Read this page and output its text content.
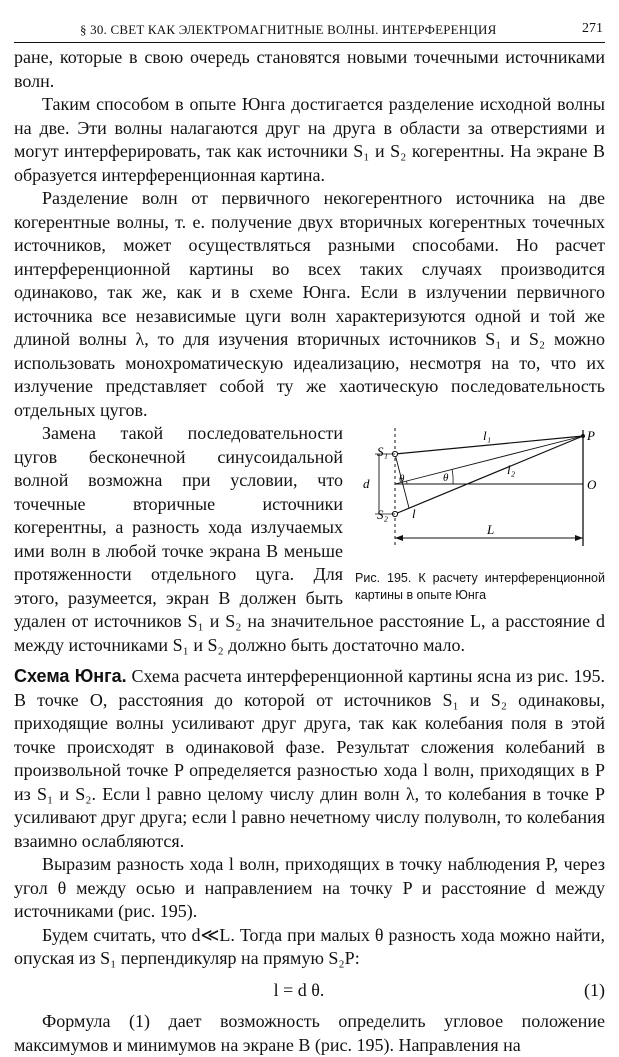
§ 30. СВЕТ КАК ЭЛЕКТРОМАГНИТНЫЕ ВОЛНЫ. ИНТЕРФЕРЕНЦИЯ	271

ране, которые в свою очередь становятся новыми точечными источниками волн.

Таким способом в опыте Юнга достигается разделение исходной волны на две. Эти волны налагаются друг на друга в области за отверстиями и могут интерферировать, так как источники S₁ и S₂ когерентны. На экране B образуется интерференционная картина.

Разделение волн от первичного некогерентного источника на две когерентные волны, т. е. получение двух вторичных когерентных точечных источников, может осуществляться разными способами. Но расчет интерференционной картины во всех таких случаях производится одинаково, так же, как и в схеме Юнга. Если в излучении первичного источника все независимые цуги волн характеризуются одной и той же длиной волны λ, то для изучения вторичных источников S₁ и S₂ можно использовать монохроматическую идеализацию, несмотря на то, что их излучение представляет собой ту же хаотическую последовательность отдельных цугов.

S₁
S₂
P
O
l₁
l₂
d
l
L
θ	θ
Рис. 195. К расчету интерференционной картины в опыте Юнга

Замена такой последовательности цугов бесконечной синусоидальной волной возможна при условии, что точечные вторичные источники когерентны, а разность хода излучаемых ими волн в любой точке экрана B меньше протяженности отдельного цуга. Для этого, разумеется, экран B должен быть удален от источников S₁ и S₂ на значительное расстояние L, а расстояние d между источниками S₁ и S₂ должно быть достаточно мало.

Схема Юнга. Схема расчета интерференционной картины ясна из рис. 195. В точке O, расстояния до которой от источников S₁ и S₂ одинаковы, приходящие волны усиливают друг друга, так как колебания поля в этой точке происходят в одинаковой фазе. Результат сложения колебаний в произвольной точке P определяется разностью хода l волн, приходящих в P из S₁ и S₂. Если l равно целому числу длин волн λ, то колебания в точке P усиливают друг друга; если l равно нечетному числу полуволн, то колебания взаимно ослабляются.

Выразим разность хода l волн, приходящих в точку наблюдения P, через угол θ между осью и направлением на точку P и расстояние d между источниками (рис. 195).

Будем считать, что d≪L. Тогда при малых θ разность хода можно найти, опуская из S₁ перпендикуляр на прямую S₂P:

l = d θ.	(1)

Формула (1) дает возможность определить угловое положение максимумов и минимумов на экране B (рис. 195). Направления на
